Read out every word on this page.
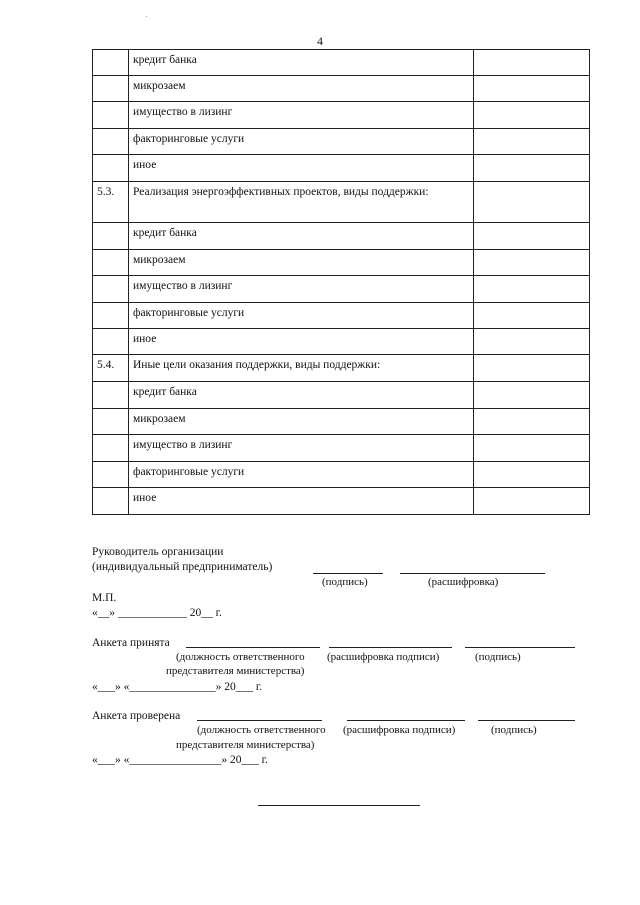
4
	кредит банка	
	микрозаем	
	имущество в лизинг	
	факторинговые услуги	
	иное	
5.3.	Реализация энергоэффективных проектов, виды поддержки:	
	кредит банка	
	микрозаем	
	имущество в лизинг	
	факторинговые услуги	
	иное	
5.4.	Иные цели оказания поддержки, виды поддержки:	
	кредит банка	
	микрозаем	
	имущество в лизинг	
	факторинговые услуги	
	иное	
Руководитель организации
(индивидуальный предприниматель)
(подпись)	(расшифровка)
М.П.
«__» ____________ 20__ г.
Анкета принята
(должность ответственного (расшифровка подписи)	(подпись)
представителя министерства)
«___» «_______________» 20___ г.
Анкета проверена
(должность ответственного (расшифровка подписи)	(подпись)
представителя министерства)
«___» «________________» 20___ г.
